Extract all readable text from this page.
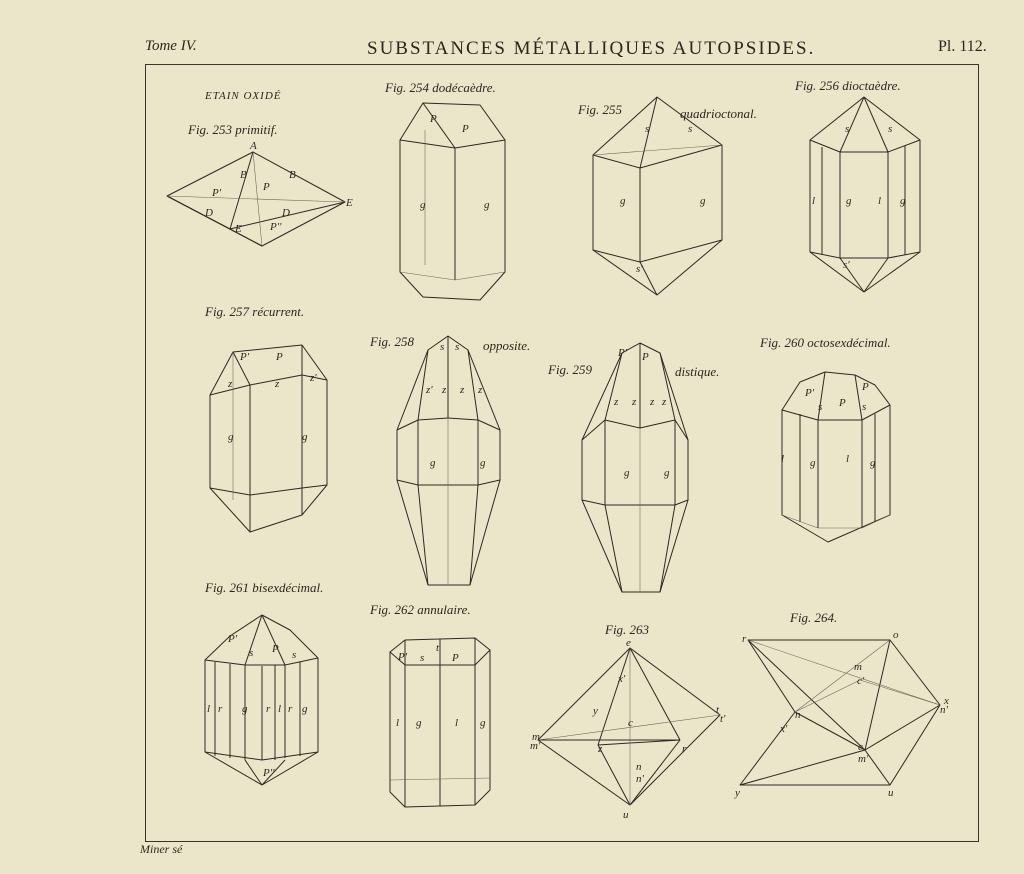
Tome IV.	SUBSTANCES MÉTALLIQUES AUTOPSIDES.	Pl. 112.
ETAIN OXIDÉ
Fig. 253 primitif.
Fig. 254 dodécaèdre.
Fig. 255	quadrioctonal.
Fig. 256 dioctaèdre.
Fig. 257 récurrent.
Fig. 258	opposite.
Fig. 259	distique.
Fig. 260 octosexdécimal.
Fig. 261 bisexdécimal.
Fig. 262 annulaire.
Fig. 263
Fig. 264.
Miner sé
A
B	B
E
P
P'
P''
D	D
E
P
P
g	g
s	s
g	g
s'
s	s
l	g l g
s'
P' P
z	z	z'
g	g
s s
z' z z z
g	g
P' P
z z z z
g	g
P'	P
s P s
l g	l g
P'
P s
s
l r g r l r g
P''
t
P' s	P
l g	l g
e
x'
y
c
t
t'
m
m'	z	r
n
n'
u
r	o
m
c'
n
x'
c
m'
x
n'
y	u
